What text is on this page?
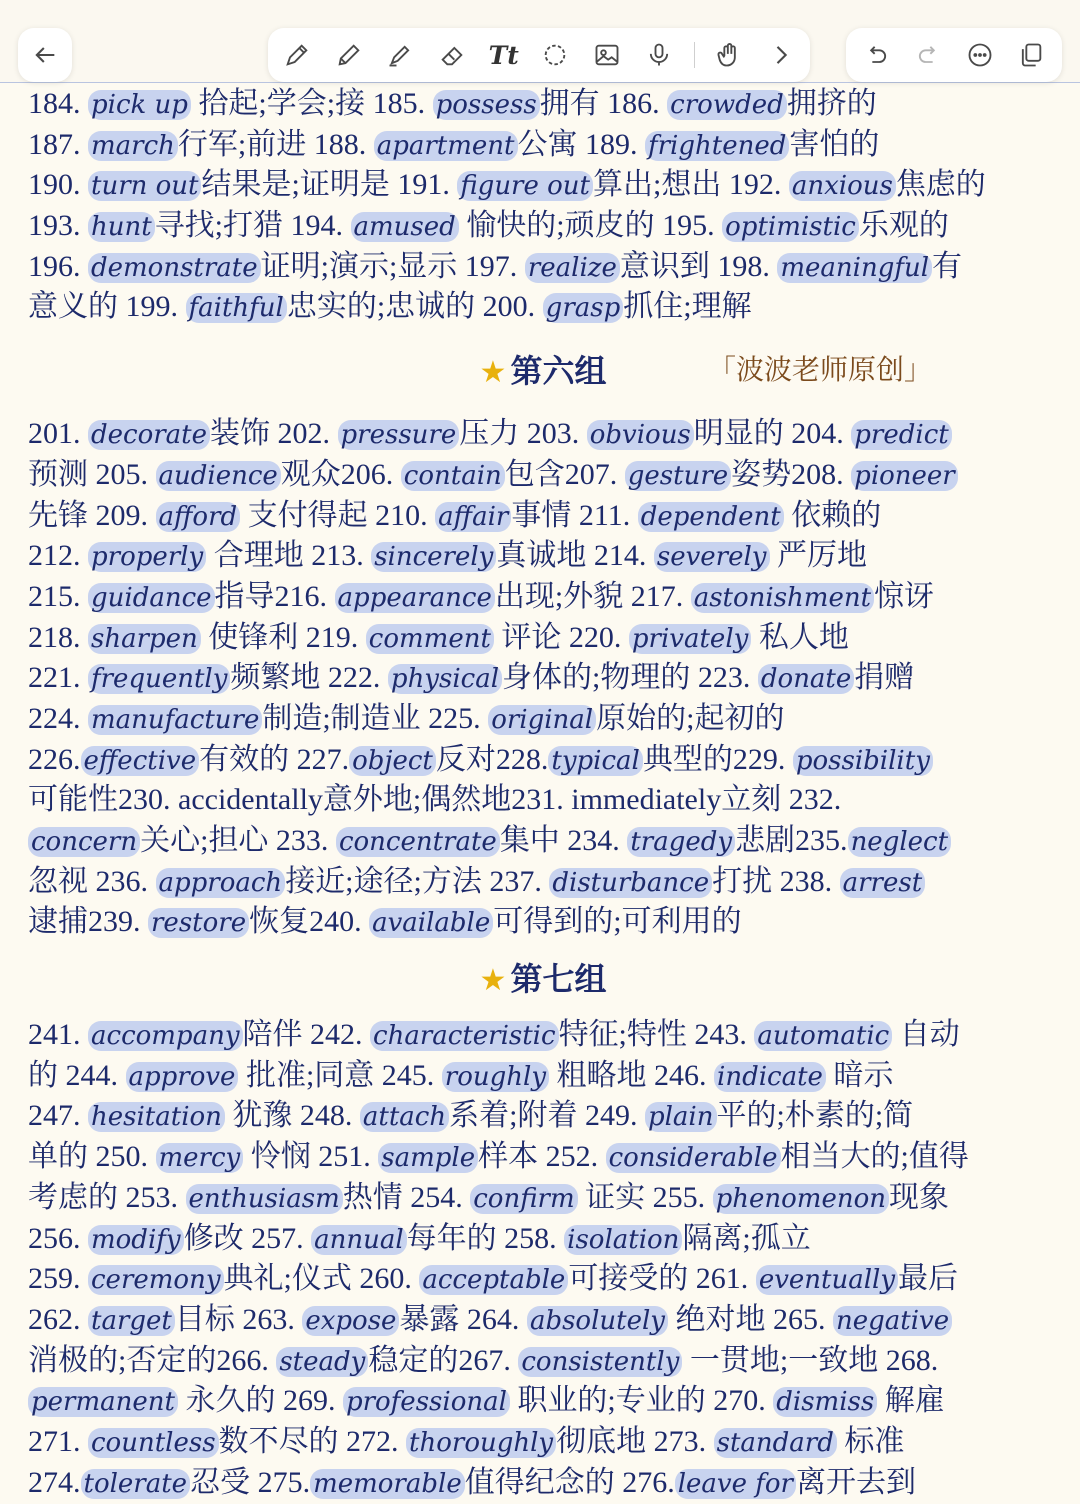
Tt
184. pick up 拾起;学会;接 185. possess 拥有 186. crowded 拥挤的
187. march 行军;前进 188. apartment 公寓 189. frightened 害怕的
190. turn out 结果是;证明是 191. figure out 算出;想出 192. anxious 焦虑的
193. hunt 寻找;打猎 194. amused 愉快的;顽皮的 195. optimistic 乐观的
196. demonstrate 证明;演示;显示 197. realize 意识到 198. meaningful 有
意义的 199. faithful 忠实的;忠诚的 200. grasp 抓住;理解
★ 第六组	「波波老师原创」
201. decorate 装饰 202. pressure 压力 203. obvious 明显的 204. predict
预测 205. audience 观众206. contain 包含207. gesture 姿势208. pioneer
先锋 209. afford 支付得起 210. affair 事情 211. dependent 依赖的
212. properly 合理地 213. sincerely 真诚地 214. severely 严厉地
215. guidance 指导216. appearance 出现;外貌 217. astonishment 惊讶
218. sharpen 使锋利 219. comment 评论 220. privately 私人地
221. frequently 频繁地 222. physical 身体的;物理的 223. donate 捐赠
224. manufacture 制造;制造业 225. original 原始的;起初的
226. effective 有效的 227. object 反对228. typical 典型的229. possibility
可能性230. accidentally意外地;偶然地231. immediately立刻 232.
concern 关心;担心 233. concentrate 集中 234. tragedy 悲剧235. neglect
忽视 236. approach 接近;途径;方法 237. disturbance 打扰 238. arrest
逮捕239. restore 恢复240. available 可得到的;可利用的
★ 第七组
241. accompany 陪伴 242. characteristic 特征;特性 243. automatic 自动
的 244. approve 批准;同意 245. roughly 粗略地 246. indicate 暗示
247. hesitation 犹豫 248. attach 系着;附着 249. plain 平的;朴素的;简
单的 250. mercy 怜悯 251. sample 样本 252. considerable 相当大的;值得
考虑的 253. enthusiasm 热情 254. confirm 证实 255. phenomenon 现象
256. modify 修改 257. annual 每年的 258. isolation 隔离;孤立
259. ceremony 典礼;仪式 260. acceptable 可接受的 261. eventually 最后
262. target 目标 263. expose 暴露 264. absolutely 绝对地 265. negative
消极的;否定的266. steady 稳定的267. consistently 一贯地;一致地 268.
permanent 永久的 269. professional 职业的;专业的 270. dismiss 解雇
271. countless 数不尽的 272. thoroughly 彻底地 273. standard 标准
274. tolerate 忍受 275. memorable 值得纪念的 276. leave for 离开去到
